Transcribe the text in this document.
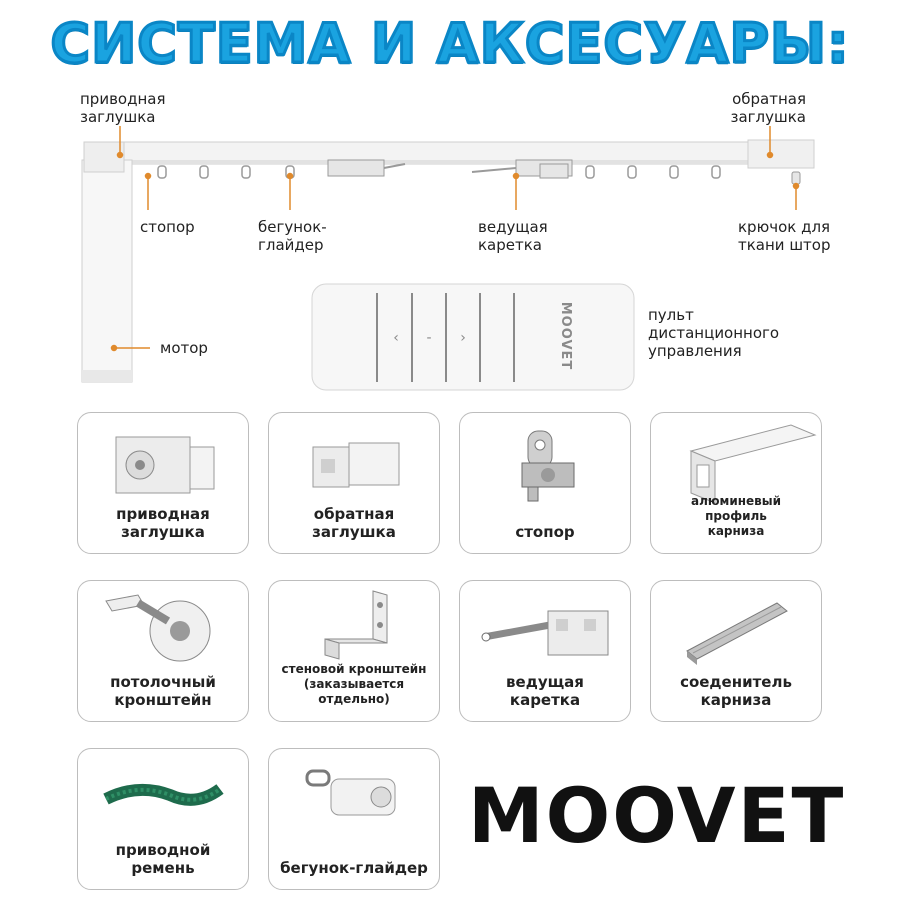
СИСТЕМА И АКСЕСУАРЫ:
‹ - ›	MOOVET
приводная
заглушка
обратная
заглушка
стопор	бегунок-
глайдер
ведущая
каретка
крючок для
ткани штор
мотор
пульт
дистанционного
управления
приводная
заглушка
обратная
заглушка	стопор
алюминевый
профиль
карниза
потолочный
кронштейн
стеновой кронштейн
(заказывается
отдельно)
ведущая
каретка
соеденитель
карниза
приводной
ремень	бегунок-глайдер
MOOVET
